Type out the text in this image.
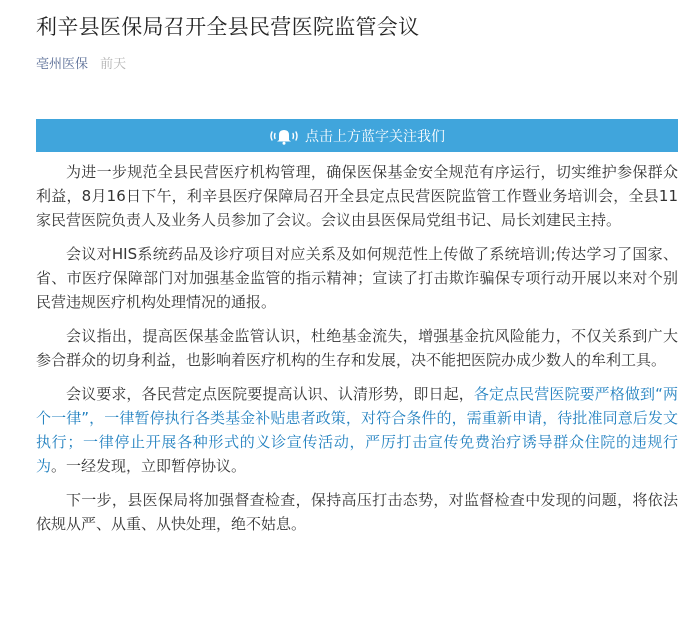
利辛县医保局召开全县民营医院监管会议
亳州医保 前天
点击上方蓝字关注我们

为进一步规范全县民营医疗机构管理，确保医保基金安全规范有序运行，切实维护参保群众利益，8月16日下午，利辛县医疗保障局召开全县定点民营医院监管工作暨业务培训会，全县11家民营医院负责人及业务人员参加了会议。会议由县医保局党组书记、局长刘建民主持。

会议对HIS系统药品及诊疗项目对应关系及如何规范性上传做了系统培训;传达学习了国家、省、市医疗保障部门对加强基金监管的指示精神；宣读了打击欺诈骗保专项行动开展以来对个别民营违规医疗机构处理情况的通报。

会议指出，提高医保基金监管认识，杜绝基金流失，增强基金抗风险能力，不仅关系到广大参合群众的切身利益，也影响着医疗机构的生存和发展，决不能把医院办成少数人的牟利工具。

会议要求，各民营定点医院要提高认识、认清形势，即日起，各定点民营医院要严格做到“两个一律”，一律暂停执行各类基金补贴患者政策，对符合条件的，需重新申请，待批准同意后发文执行；一律停止开展各种形式的义诊宣传活动，严厉打击宣传免费治疗诱导群众住院的违规行为。一经发现，立即暂停协议。

下一步，县医保局将加强督查检查，保持高压打击态势，对监督检查中发现的问题，将依法依规从严、从重、从快处理，绝不姑息。
